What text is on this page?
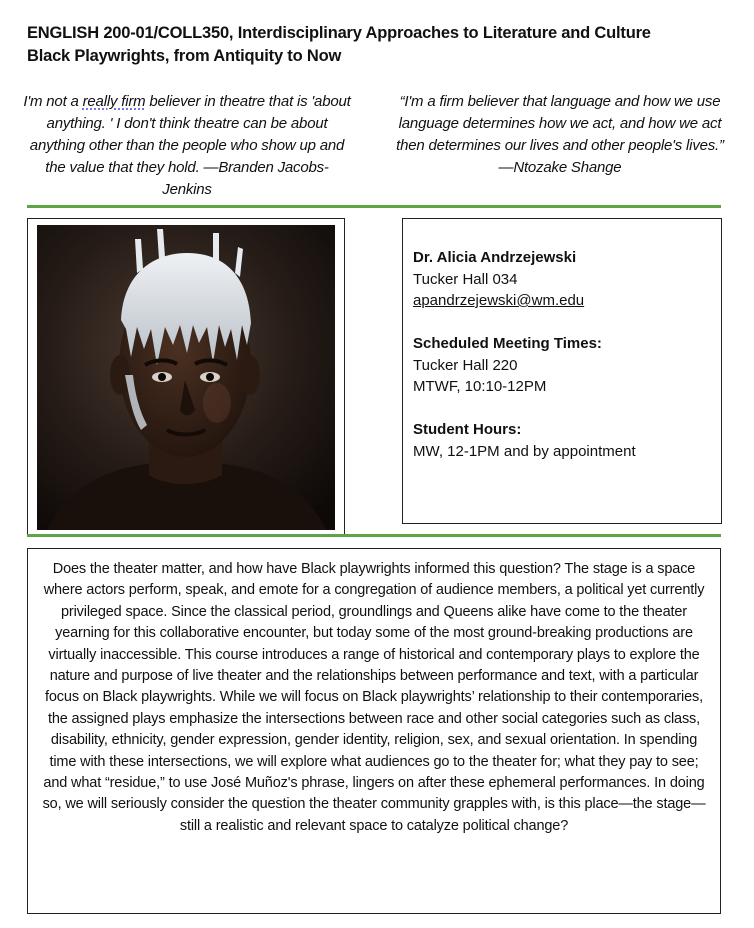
ENGLISH 200-01/COLL350, Interdisciplinary Approaches to Literature and Culture
Black Playwrights, from Antiquity to Now
I'm not a really firm believer in theatre that is 'about anything. ' I don't think theatre can be about anything other than the people who show up and the value that they hold. —Branden Jacobs-Jenkins
“I'm a firm believer that language and how we use language determines how we act, and how we act then determines our lives and other people's lives.”
—Ntozake Shange
Dr. Alicia Andrzejewski
Tucker Hall 034
apandrzejewski@wm.edu
Scheduled Meeting Times:
Tucker Hall 220
MTWF, 10:10-12PM
Student Hours:
MW, 12-1PM and by appointment
Does the theater matter, and how have Black playwrights informed this question? The stage is a space where actors perform, speak, and emote for a congregation of audience members, a political yet currently privileged space. Since the classical period, groundlings and Queens alike have come to the theater yearning for this collaborative encounter, but today some of the most ground-breaking productions are virtually inaccessible. This course introduces a range of historical and contemporary plays to explore the nature and purpose of live theater and the relationships between performance and text, with a particular focus on Black playwrights. While we will focus on Black playwrights’ relationship to their contemporaries, the assigned plays emphasize the intersections between race and other social categories such as class, disability, ethnicity, gender expression, gender identity, religion, sex, and sexual orientation. In spending time with these intersections, we will explore what audiences go to the theater for; what they pay to see; and what “residue,” to use José Muñoz's phrase, lingers on after these ephemeral performances. In doing so, we will seriously consider the question the theater community grapples with, is this place—the stage—still a realistic and relevant space to catalyze political change?
